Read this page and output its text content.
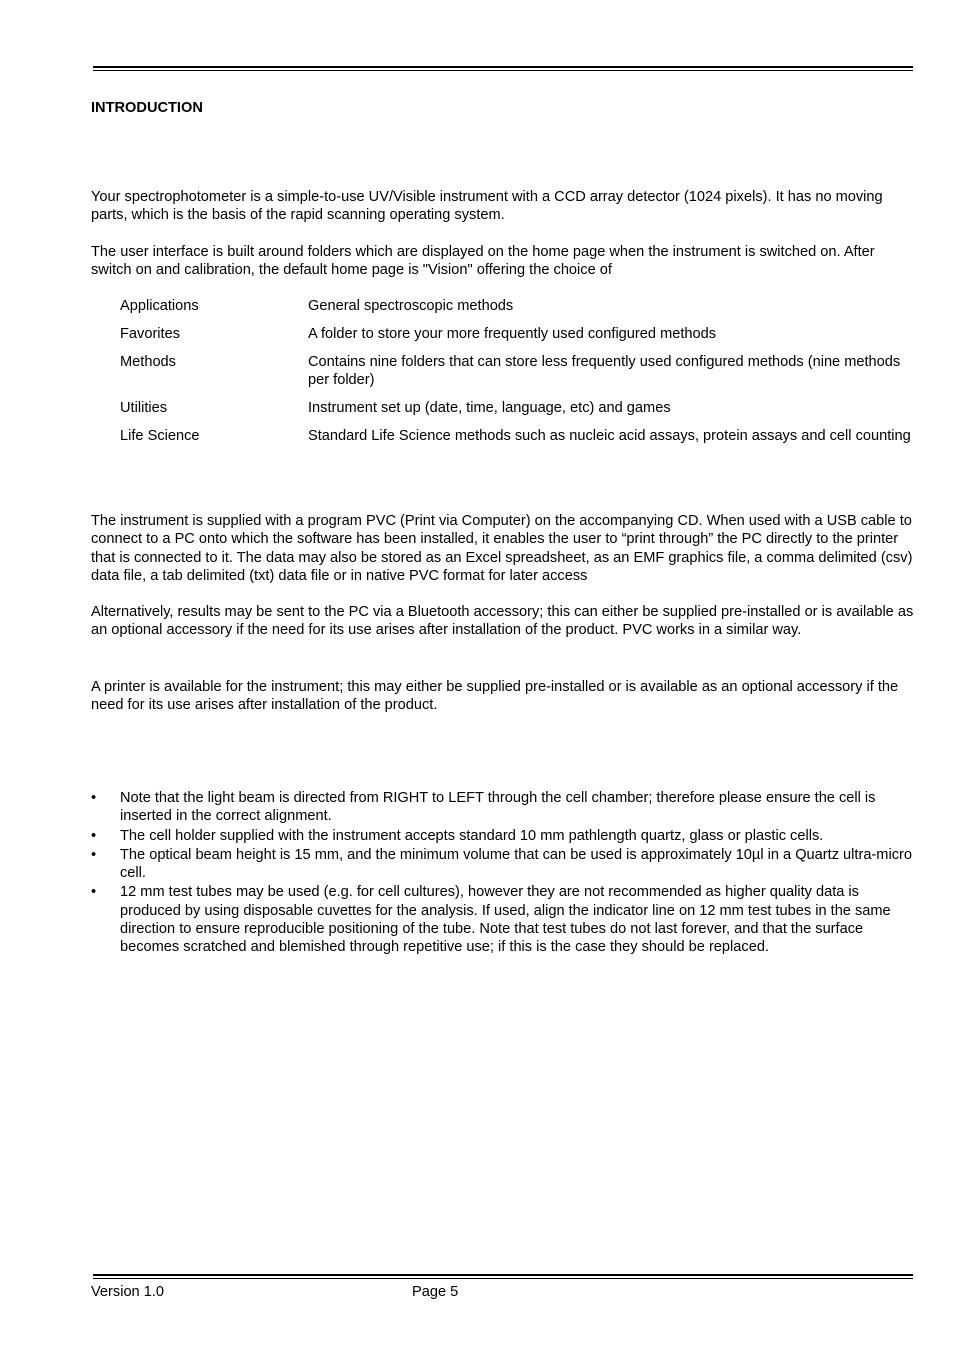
INTRODUCTION

Your spectrophotometer is a simple-to-use UV/Visible instrument with a CCD array detector (1024 pixels). It has no moving parts, which is the basis of the rapid scanning operating system.

The user interface is built around folders which are displayed on the home page when the instrument is switched on. After switch on and calibration, the default home page is "Vision" offering the choice of

Applications	General spectroscopic methods
Favorites	A folder to store your more frequently used configured methods
Methods	Contains nine folders that can store less frequently used configured methods (nine methods per folder)
Utilities	Instrument set up (date, time, language, etc) and games
Life Science	Standard Life Science methods such as nucleic acid assays, protein assays and cell counting

The instrument is supplied with a program PVC (Print via Computer) on the accompanying CD. When used with a USB cable to connect to a PC onto which the software has been installed, it enables the user to “print through” the PC directly to the printer that is connected to it. The data may also be stored as an Excel spreadsheet, as an EMF graphics file, a comma delimited (csv) data file, a tab delimited (txt) data file or in native PVC format for later access

Alternatively, results may be sent to the PC via a Bluetooth accessory; this can either be supplied pre-installed or is available as an optional accessory if the need for its use arises after installation of the product. PVC works in a similar way.

A printer is available for the instrument; this may either be supplied pre-installed or is available as an optional accessory if the need for its use arises after installation of the product.

•	Note that the light beam is directed from RIGHT to LEFT through the cell chamber; therefore please ensure the cell is inserted in the correct alignment.
•	The cell holder supplied with the instrument accepts standard 10 mm pathlength quartz, glass or plastic cells.
•	The optical beam height is 15 mm, and the minimum volume that can be used is approximately 10µl in a Quartz ultra-micro cell.
•	12 mm test tubes may be used (e.g. for cell cultures), however they are not recommended as higher quality data is produced by using disposable cuvettes for the analysis. If used, align the indicator line on 12 mm test tubes in the same direction to ensure reproducible positioning of the tube. Note that test tubes do not last forever, and that the surface becomes scratched and blemished through repetitive use; if this is the case they should be replaced.
Version 1.0	Page 5
